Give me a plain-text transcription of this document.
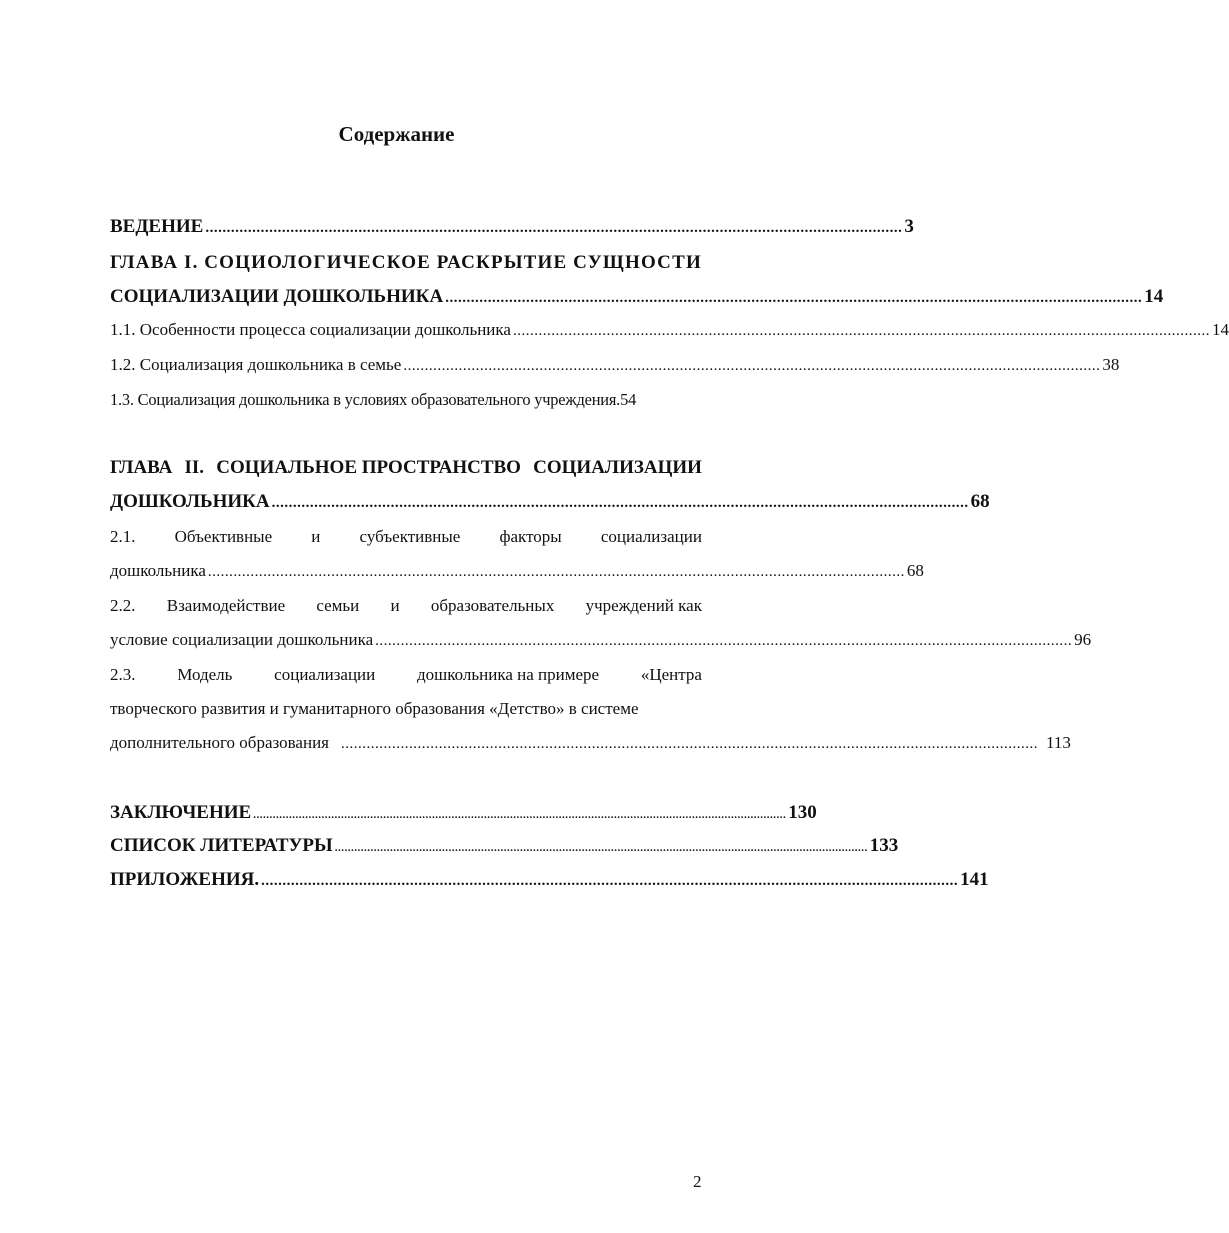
Содержание
ВЕДЕНИЕ .................................................................................................................................................................... 3
ГЛАВА I. СОЦИОЛОГИЧЕСКОЕ РАСКРЫТИЕ СУЩНОСТИ
СОЦИАЛИЗАЦИИ ДОШКОЛЬНИКА .................................................................................................................................................................... 14
1.1. Особенности процесса социализации дошкольника .................................................................................................................................................................... 14
1.2. Социализация дошкольника в семье .................................................................................................................................................................... 38
1.3. Социализация дошкольника в условиях образовательного учреждения.54
ГЛАВА II. СОЦИАЛЬНОЕ ПРОСТРАНСТВО СОЦИАЛИЗАЦИИ
ДОШКОЛЬНИКА .................................................................................................................................................................... 68
2.1. Объективные и субъективные факторы социализации
дошкольника .................................................................................................................................................................... 68
2.2. Взаимодействие семьи и образовательных учреждений как
условие социализации дошкольника .................................................................................................................................................................... 96
2.3. Модель социализации дошкольника на примере «Центра
творческого развития и гуманитарного образования «Детство» в системе
дополнительного образования .................................................................................................................................................................... 113
ЗАКЛЮЧЕНИЕ .................................................................................................................................................................... 130
СПИСОК ЛИТЕРАТУРЫ .................................................................................................................................................................... 133
ПРИЛОЖЕНИЯ. .................................................................................................................................................................... 141
2
